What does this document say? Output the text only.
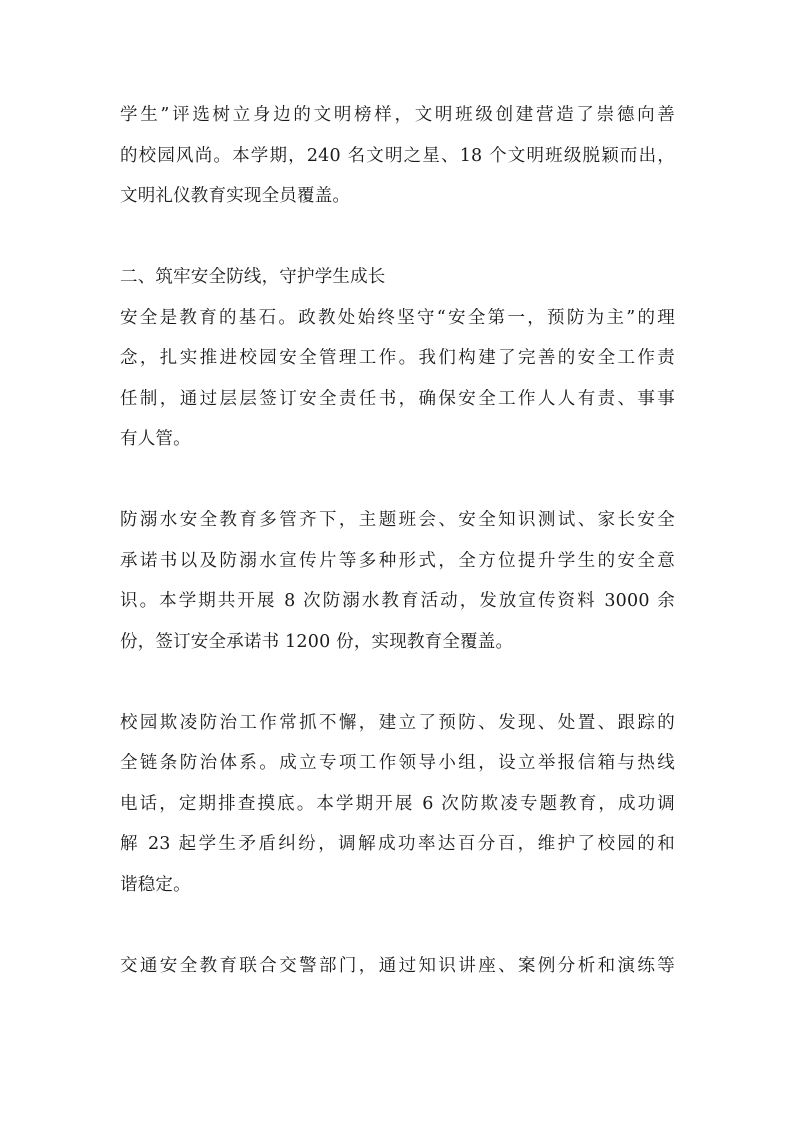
学生”评选树立身边的文明榜样，文明班级创建营造了崇德向善
的校园风尚。本学期，240 名文明之星、18 个文明班级脱颖而出，
文明礼仪教育实现全员覆盖。
二、筑牢安全防线，守护学生成长
安全是教育的基石。政教处始终坚守“安全第一，预防为主”的理
念，扎实推进校园安全管理工作。我们构建了完善的安全工作责
任制，通过层层签订安全责任书，确保安全工作人人有责、事事
有人管。
防溺水安全教育多管齐下，主题班会、安全知识测试、家长安全
承诺书以及防溺水宣传片等多种形式，全方位提升学生的安全意
识。本学期共开展 8 次防溺水教育活动，发放宣传资料 3000 余
份，签订安全承诺书 1200 份，实现教育全覆盖。
校园欺凌防治工作常抓不懈，建立了预防、发现、处置、跟踪的
全链条防治体系。成立专项工作领导小组，设立举报信箱与热线
电话，定期排查摸底。本学期开展 6 次防欺凌专题教育，成功调
解 23 起学生矛盾纠纷，调解成功率达百分百，维护了校园的和
谐稳定。
交通安全教育联合交警部门，通过知识讲座、案例分析和演练等
